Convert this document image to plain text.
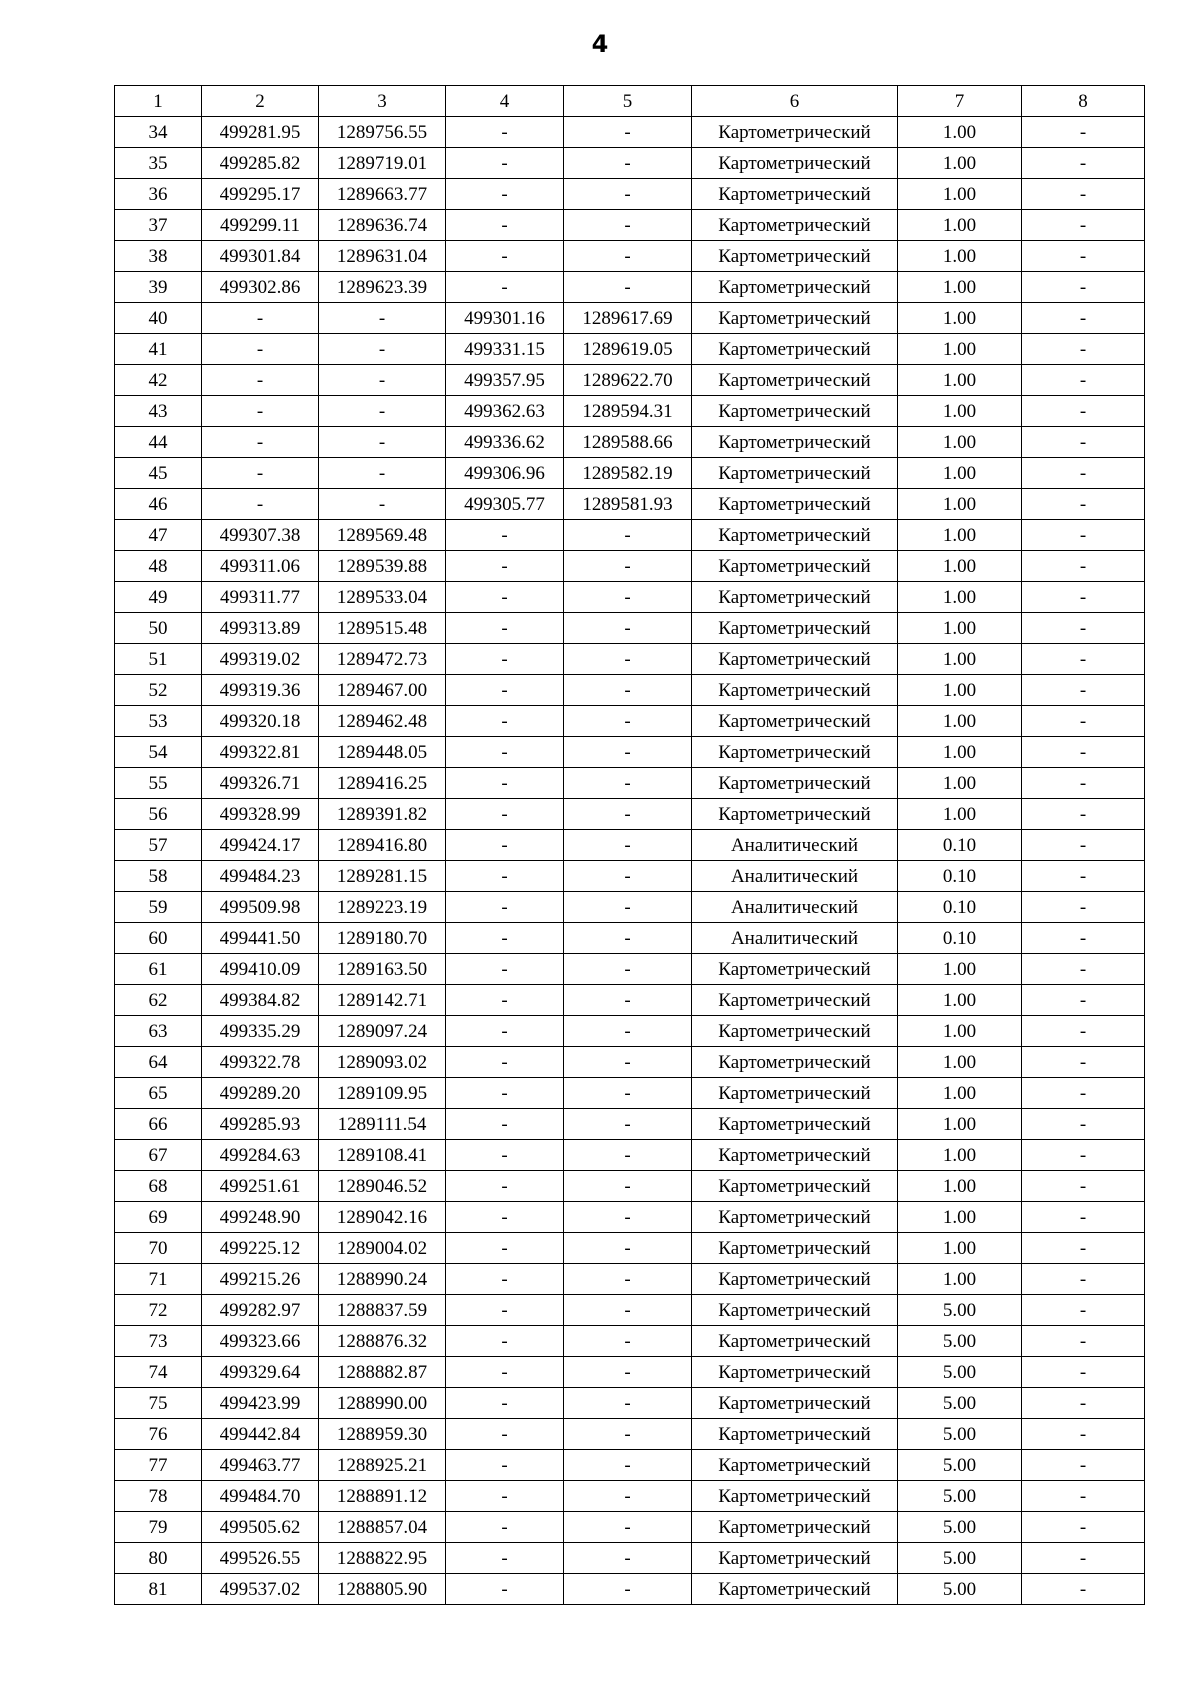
4
1	2	3	4	5	6	7	8
34	499281.95	1289756.55	-	-	Картометрический	1.00	-
35	499285.82	1289719.01	-	-	Картометрический	1.00	-
36	499295.17	1289663.77	-	-	Картометрический	1.00	-
37	499299.11	1289636.74	-	-	Картометрический	1.00	-
38	499301.84	1289631.04	-	-	Картометрический	1.00	-
39	499302.86	1289623.39	-	-	Картометрический	1.00	-
40	-	-	499301.16	1289617.69	Картометрический	1.00	-
41	-	-	499331.15	1289619.05	Картометрический	1.00	-
42	-	-	499357.95	1289622.70	Картометрический	1.00	-
43	-	-	499362.63	1289594.31	Картометрический	1.00	-
44	-	-	499336.62	1289588.66	Картометрический	1.00	-
45	-	-	499306.96	1289582.19	Картометрический	1.00	-
46	-	-	499305.77	1289581.93	Картометрический	1.00	-
47	499307.38	1289569.48	-	-	Картометрический	1.00	-
48	499311.06	1289539.88	-	-	Картометрический	1.00	-
49	499311.77	1289533.04	-	-	Картометрический	1.00	-
50	499313.89	1289515.48	-	-	Картометрический	1.00	-
51	499319.02	1289472.73	-	-	Картометрический	1.00	-
52	499319.36	1289467.00	-	-	Картометрический	1.00	-
53	499320.18	1289462.48	-	-	Картометрический	1.00	-
54	499322.81	1289448.05	-	-	Картометрический	1.00	-
55	499326.71	1289416.25	-	-	Картометрический	1.00	-
56	499328.99	1289391.82	-	-	Картометрический	1.00	-
57	499424.17	1289416.80	-	-	Аналитический	0.10	-
58	499484.23	1289281.15	-	-	Аналитический	0.10	-
59	499509.98	1289223.19	-	-	Аналитический	0.10	-
60	499441.50	1289180.70	-	-	Аналитический	0.10	-
61	499410.09	1289163.50	-	-	Картометрический	1.00	-
62	499384.82	1289142.71	-	-	Картометрический	1.00	-
63	499335.29	1289097.24	-	-	Картометрический	1.00	-
64	499322.78	1289093.02	-	-	Картометрический	1.00	-
65	499289.20	1289109.95	-	-	Картометрический	1.00	-
66	499285.93	1289111.54	-	-	Картометрический	1.00	-
67	499284.63	1289108.41	-	-	Картометрический	1.00	-
68	499251.61	1289046.52	-	-	Картометрический	1.00	-
69	499248.90	1289042.16	-	-	Картометрический	1.00	-
70	499225.12	1289004.02	-	-	Картометрический	1.00	-
71	499215.26	1288990.24	-	-	Картометрический	1.00	-
72	499282.97	1288837.59	-	-	Картометрический	5.00	-
73	499323.66	1288876.32	-	-	Картометрический	5.00	-
74	499329.64	1288882.87	-	-	Картометрический	5.00	-
75	499423.99	1288990.00	-	-	Картометрический	5.00	-
76	499442.84	1288959.30	-	-	Картометрический	5.00	-
77	499463.77	1288925.21	-	-	Картометрический	5.00	-
78	499484.70	1288891.12	-	-	Картометрический	5.00	-
79	499505.62	1288857.04	-	-	Картометрический	5.00	-
80	499526.55	1288822.95	-	-	Картометрический	5.00	-
81	499537.02	1288805.90	-	-	Картометрический	5.00	-
